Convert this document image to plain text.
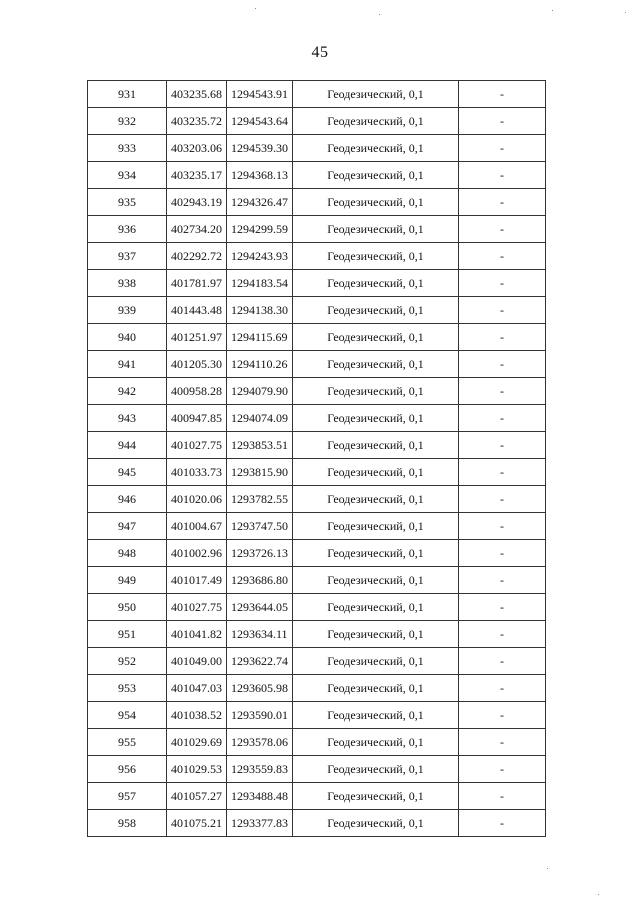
45
931	403235.68	1294543.91	Геодезический, 0,1	-
932	403235.72	1294543.64	Геодезический, 0,1	-
933	403203.06	1294539.30	Геодезический, 0,1	-
934	403235.17	1294368.13	Геодезический, 0,1	-
935	402943.19	1294326.47	Геодезический, 0,1	-
936	402734.20	1294299.59	Геодезический, 0,1	-
937	402292.72	1294243.93	Геодезический, 0,1	-
938	401781.97	1294183.54	Геодезический, 0,1	-
939	401443.48	1294138.30	Геодезический, 0,1	-
940	401251.97	1294115.69	Геодезический, 0,1	-
941	401205.30	1294110.26	Геодезический, 0,1	-
942	400958.28	1294079.90	Геодезический, 0,1	-
943	400947.85	1294074.09	Геодезический, 0,1	-
944	401027.75	1293853.51	Геодезический, 0,1	-
945	401033.73	1293815.90	Геодезический, 0,1	-
946	401020.06	1293782.55	Геодезический, 0,1	-
947	401004.67	1293747.50	Геодезический, 0,1	-
948	401002.96	1293726.13	Геодезический, 0,1	-
949	401017.49	1293686.80	Геодезический, 0,1	-
950	401027.75	1293644.05	Геодезический, 0,1	-
951	401041.82	1293634.11	Геодезический, 0,1	-
952	401049.00	1293622.74	Геодезический, 0,1	-
953	401047.03	1293605.98	Геодезический, 0,1	-
954	401038.52	1293590.01	Геодезический, 0,1	-
955	401029.69	1293578.06	Геодезический, 0,1	-
956	401029.53	1293559.83	Геодезический, 0,1	-
957	401057.27	1293488.48	Геодезический, 0,1	-
958	401075.21	1293377.83	Геодезический, 0,1	-
